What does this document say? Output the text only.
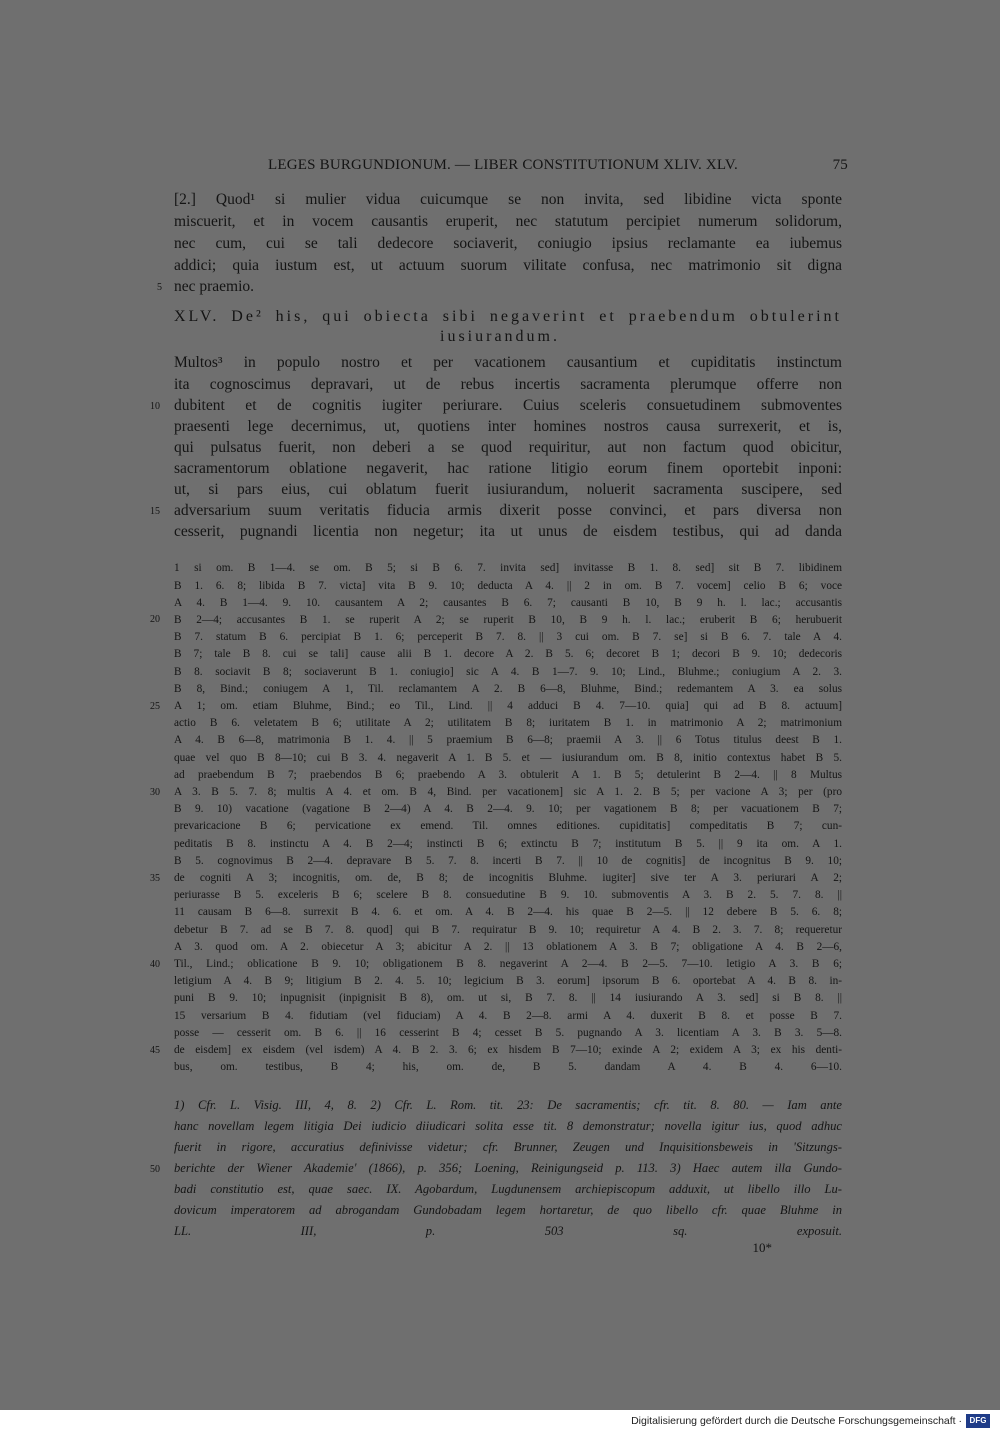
LEGES BURGUNDIONUM. — LIBER CONSTITUTIONUM XLIV. XLV.	75
[2.] Quod¹ si mulier vidua cuicumque se non invita, sed libidine victa sponte
miscuerit, et in vocem causantis eruperit, nec statutum percipiet numerum solidorum,
nec cum, cui se tali dedecore sociaverit, coniugio ipsius reclamante ea iubemus
addici; quia iustum est, ut actuum suorum vilitate confusa, nec matrimonio sit digna
nec praemio.
5
XLV. De² his, qui obiecta sibi negaverint et praebendum obtulerint
iusiurandum.
Multos³ in populo nostro et per vacationem causantium et cupiditatis instinctum
ita cognoscimus depravari, ut de rebus incertis sacramenta plerumque offerre non
dubitent et de cognitis iugiter periurare. Cuius sceleris consuetudinem submoventes
10
praesenti lege decernimus, ut, quotiens inter homines nostros causa surrexerit, et is,
qui pulsatus fuerit, non deberi a se quod requiritur, aut non factum quod obicitur,
sacramentorum oblatione negaverit, hac ratione litigio eorum finem oportebit inponi:
ut, si pars eius, cui oblatum fuerit iusiurandum, noluerit sacramenta suscipere, sed
adversarium suum veritatis fiducia armis dixerit posse convinci, et pars diversa non
15
cesserit, pugnandi licentia non negetur; ita ut unus de eisdem testibus, qui ad danda
1 si om. B 1—4. se om. B 5; si B 6. 7. invita sed] invitasse B 1. 8. sed] sit B 7. libidinem
B 1. 6. 8; libida B 7. victa] vita B 9. 10; deducta A 4. || 2 in om. B 7. vocem] celio B 6; voce
A 4. B 1—4. 9. 10. causantem A 2; causantes B 6. 7; causanti B 10, B 9 h. l. lac.; accusantis
B 2—4; accusantes B 1. se ruperit A 2; se ruperit B 10, B 9 h. l. lac.; eruberit B 6; herubuerit
20
B 7. statum B 6. percipiat B 1. 6; perceperit B 7. 8. || 3 cui om. B 7. se] si B 6. 7. tale A 4.
B 7; tale B 8. cui se tali] cause alii B 1. decore A 2. B 5. 6; decoret B 1; decori B 9. 10; dedecoris
B 8. sociavit B 8; sociaverunt B 1. coniugio] sic A 4. B 1—7. 9. 10; Lind., Bluhme.; coniugium A 2. 3.
B 8, Bind.; coniugem A 1, Til. reclamantem A 2. B 6—8, Bluhme, Bind.; redemantem A 3. ea solus
A 1; om. etiam Bluhme, Bind.; eo Til., Lind. || 4 adduci B 4. 7—10. quia] qui ad B 8. actuum]
25
actio B 6. veletatem B 6; utilitate A 2; utilitatem B 8; iuritatem B 1. in matrimonio A 2; matrimonium
A 4. B 6—8, matrimonia B 1. 4. || 5 praemium B 6—8; praemii A 3. || 6 Totus titulus deest B 1.
quae vel quo B 8—10; cui B 3. 4. negaverit A 1. B 5. et — iusiurandum om. B 8, initio contextus habet B 5.
ad praebendum B 7; praebendos B 6; praebendo A 3. obtulerit A 1. B 5; detulerint B 2—4. || 8 Multus
A 3. B 5. 7. 8; multis A 4. et om. B 4, Bind. per vacationem] sic A 1. 2. B 5; per vacione A 3; per (pro
30
B 9. 10) vacatione (vagatione B 2—4) A 4. B 2—4. 9. 10; per vagationem B 8; per vacuationem B 7;
prevaricacione B 6; pervicatione ex emend. Til. omnes editiones. cupiditatis] compeditatis B 7; cun-
peditatis B 8. instinctu A 4. B 2—4; instincti B 6; extinctu B 7; institutum B 5. || 9 ita om. A 1.
B 5. cognovimus B 2—4. depravare B 5. 7. 8. incerti B 7. || 10 de cognitis] de incognitus B 9. 10;
de cogniti A 3; incognitis, om. de, B 8; de incognitis Bluhme. iugiter] sive ter A 3. periurari A 2;
35
periurasse B 5. exceleris B 6; scelere B 8. consuedutine B 9. 10. submoventis A 3. B 2. 5. 7. 8. ||
11 causam B 6—8. surrexit B 4. 6. et om. A 4. B 2—4. his quae B 2—5. || 12 debere B 5. 6. 8;
debetur B 7. ad se B 7. 8. quod] qui B 7. requiratur B 9. 10; requiretur A 4. B 2. 3. 7. 8; requeretur
A 3. quod om. A 2. obiecetur A 3; abicitur A 2. || 13 oblationem A 3. B 7; obligatione A 4. B 2—6,
Til., Lind.; oblicatione B 9. 10; obligationem B 8. negaverint A 2—4. B 2—5. 7—10. letigio A 3. B 6;
40
letigium A 4. B 9; litigium B 2. 4. 5. 10; legicium B 3. eorum] ipsorum B 6. oportebat A 4. B 8. in-
puni B 9. 10; inpugnisit (inpignisit B 8), om. ut si, B 7. 8. || 14 iusiurando A 3. sed] si B 8. ||
15 versarium B 4. fidutiam (vel fiduciam) A 4. B 2—8. armi A 4. duxerit B 8. et posse B 7.
posse — cesserit om. B 6. || 16 cesserint B 4; cesset B 5. pugnando A 3. licentiam A 3. B 3. 5—8.
de eisdem] ex eisdem (vel isdem) A 4. B 2. 3. 6; ex hisdem B 7—10; exinde A 2; exidem A 3; ex his denti-
45
bus, om. testibus, B 4; his, om. de, B 5. dandam A 4. B 4. 6—10.
1) Cfr. L. Visig. III, 4, 8. 2) Cfr. L. Rom. tit. 23: De sacramentis; cfr. tit. 8. 80. — Iam ante
hanc novellam legem litigia Dei iudicio diiudicari solita esse tit. 8 demonstratur; novella igitur ius, quod adhuc
fuerit in rigore, accuratius definivisse videtur; cfr. Brunner, Zeugen und Inquisitionsbeweis in 'Sitzungs-
berichte der Wiener Akademie' (1866), p. 356; Loening, Reinigungseid p. 113. 3) Haec autem illa Gundo-
50
badi constitutio est, quae saec. IX. Agobardum, Lugdunensem archiepiscopum adduxit, ut libello illo Lu-
dovicum imperatorem ad abrogandam Gundobadam legem hortaretur, de quo libello cfr. quae Bluhme in
LL. III, p. 503 sq. exposuit.
10*
Digitalisierung gefördert durch die Deutsche Forschungsgemeinschaft · DFG
